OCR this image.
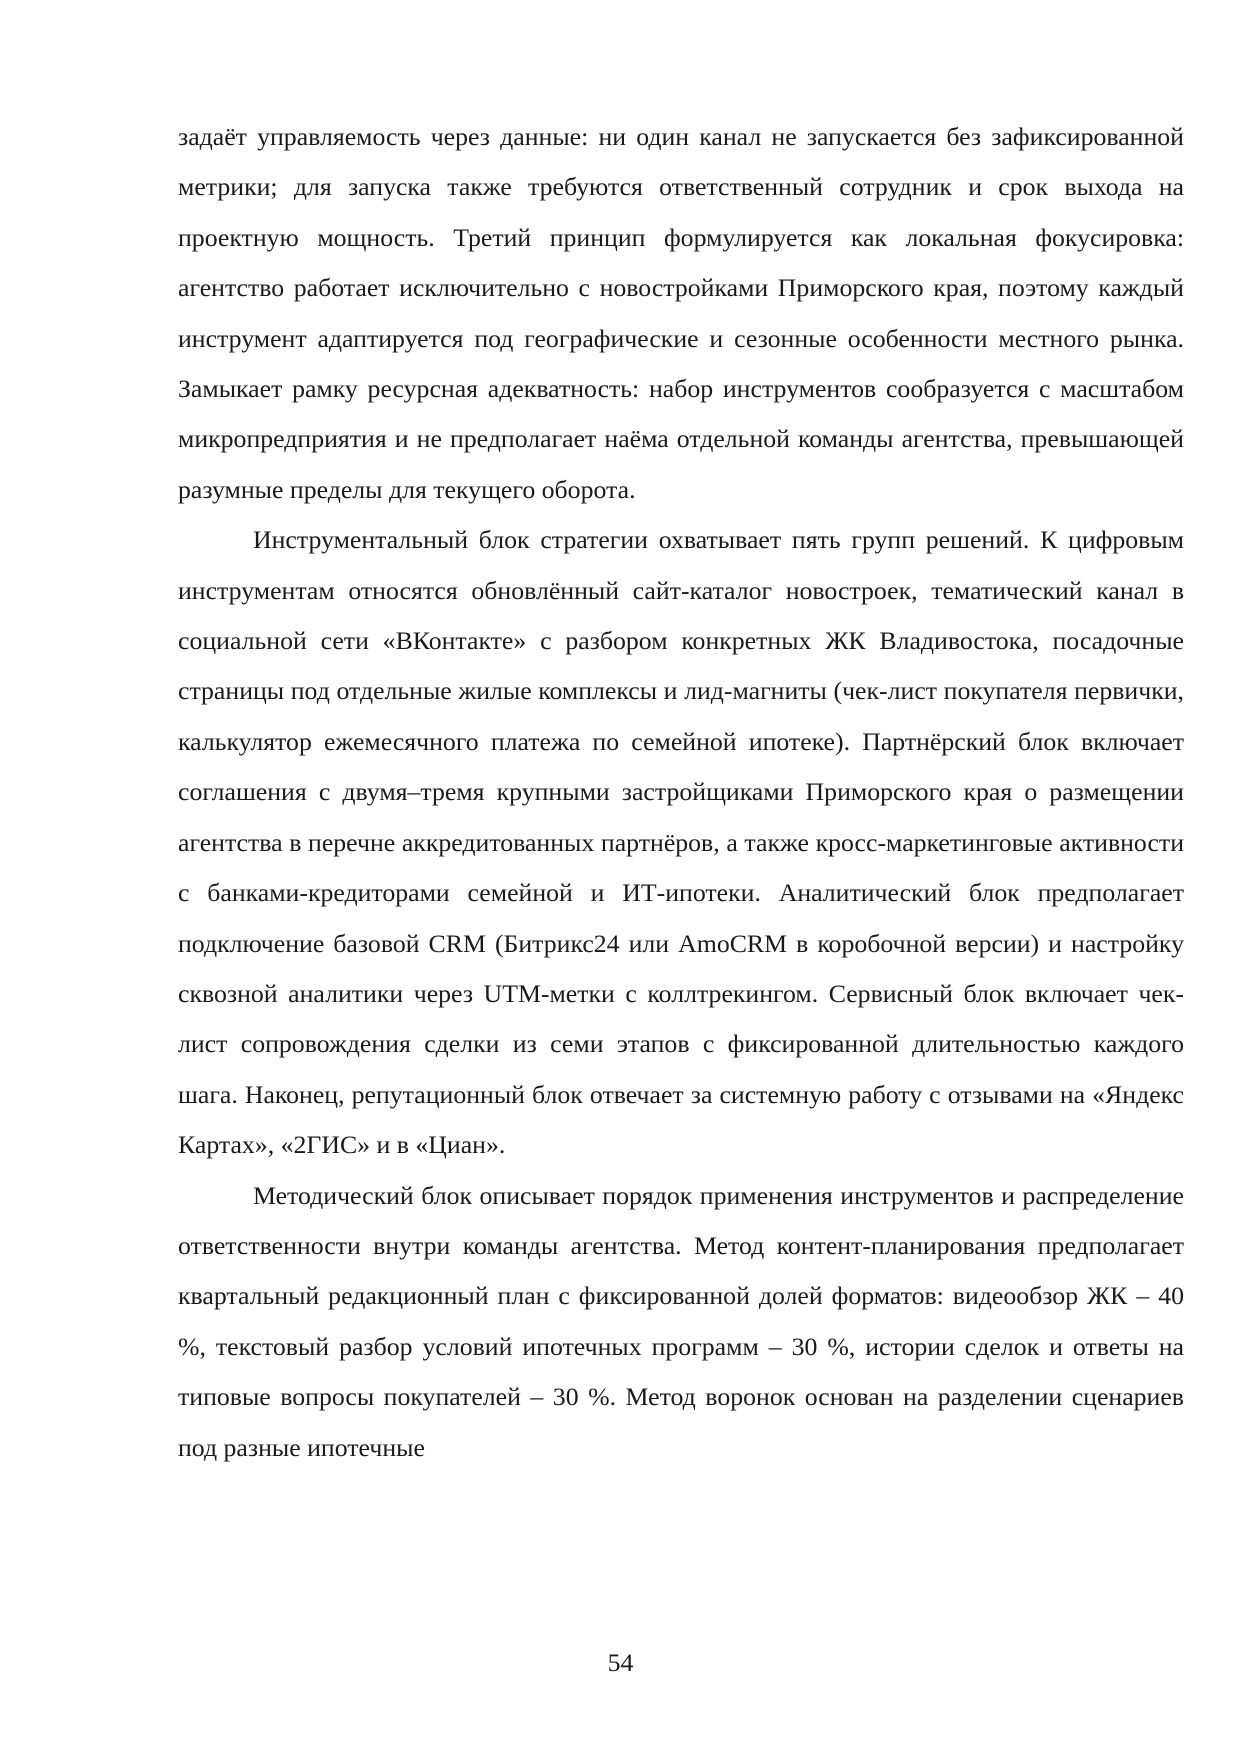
задаёт управляемость через данные: ни один канал не запускается без зафиксированной метрики; для запуска также требуются ответственный сотрудник и срок выхода на проектную мощность. Третий принцип формулируется как локальная фокусировка: агентство работает исключительно с новостройками Приморского края, поэтому каждый инструмент адаптируется под географические и сезонные особенности местного рынка. Замыкает рамку ресурсная адекватность: набор инструментов сообразуется с масштабом микропредприятия и не предполагает наёма отдельной команды агентства, превышающей разумные пределы для текущего оборота.

Инструментальный блок стратегии охватывает пять групп решений. К цифровым инструментам относятся обновлённый сайт-каталог новостроек, тематический канал в социальной сети «ВКонтакте» с разбором конкретных ЖК Владивостока, посадочные страницы под отдельные жилые комплексы и лид-магниты (чек-лист покупателя первички, калькулятор ежемесячного платежа по семейной ипотеке). Партнёрский блок включает соглашения с двумя–тремя крупными застройщиками Приморского края о размещении агентства в перечне аккредитованных партнёров, а также кросс-маркетинговые активности с банками-кредиторами семейной и ИТ-ипотеки. Аналитический блок предполагает подключение базовой CRM (Битрикс24 или AmoCRM в коробочной версии) и настройку сквозной аналитики через UTM-метки с коллтрекингом. Сервисный блок включает чек-лист сопровождения сделки из семи этапов с фиксированной длительностью каждого шага. Наконец, репутационный блок отвечает за системную работу с отзывами на «Яндекс Картах», «2ГИС» и в «Циан».

Методический блок описывает порядок применения инструментов и распределение ответственности внутри команды агентства. Метод контент-планирования предполагает квартальный редакционный план с фиксированной долей форматов: видеообзор ЖК – 40 %, текстовый разбор условий ипотечных программ – 30 %, истории сделок и ответы на типовые вопросы покупателей – 30 %. Метод воронок основан на разделении сценариев под разные ипотечные

54
